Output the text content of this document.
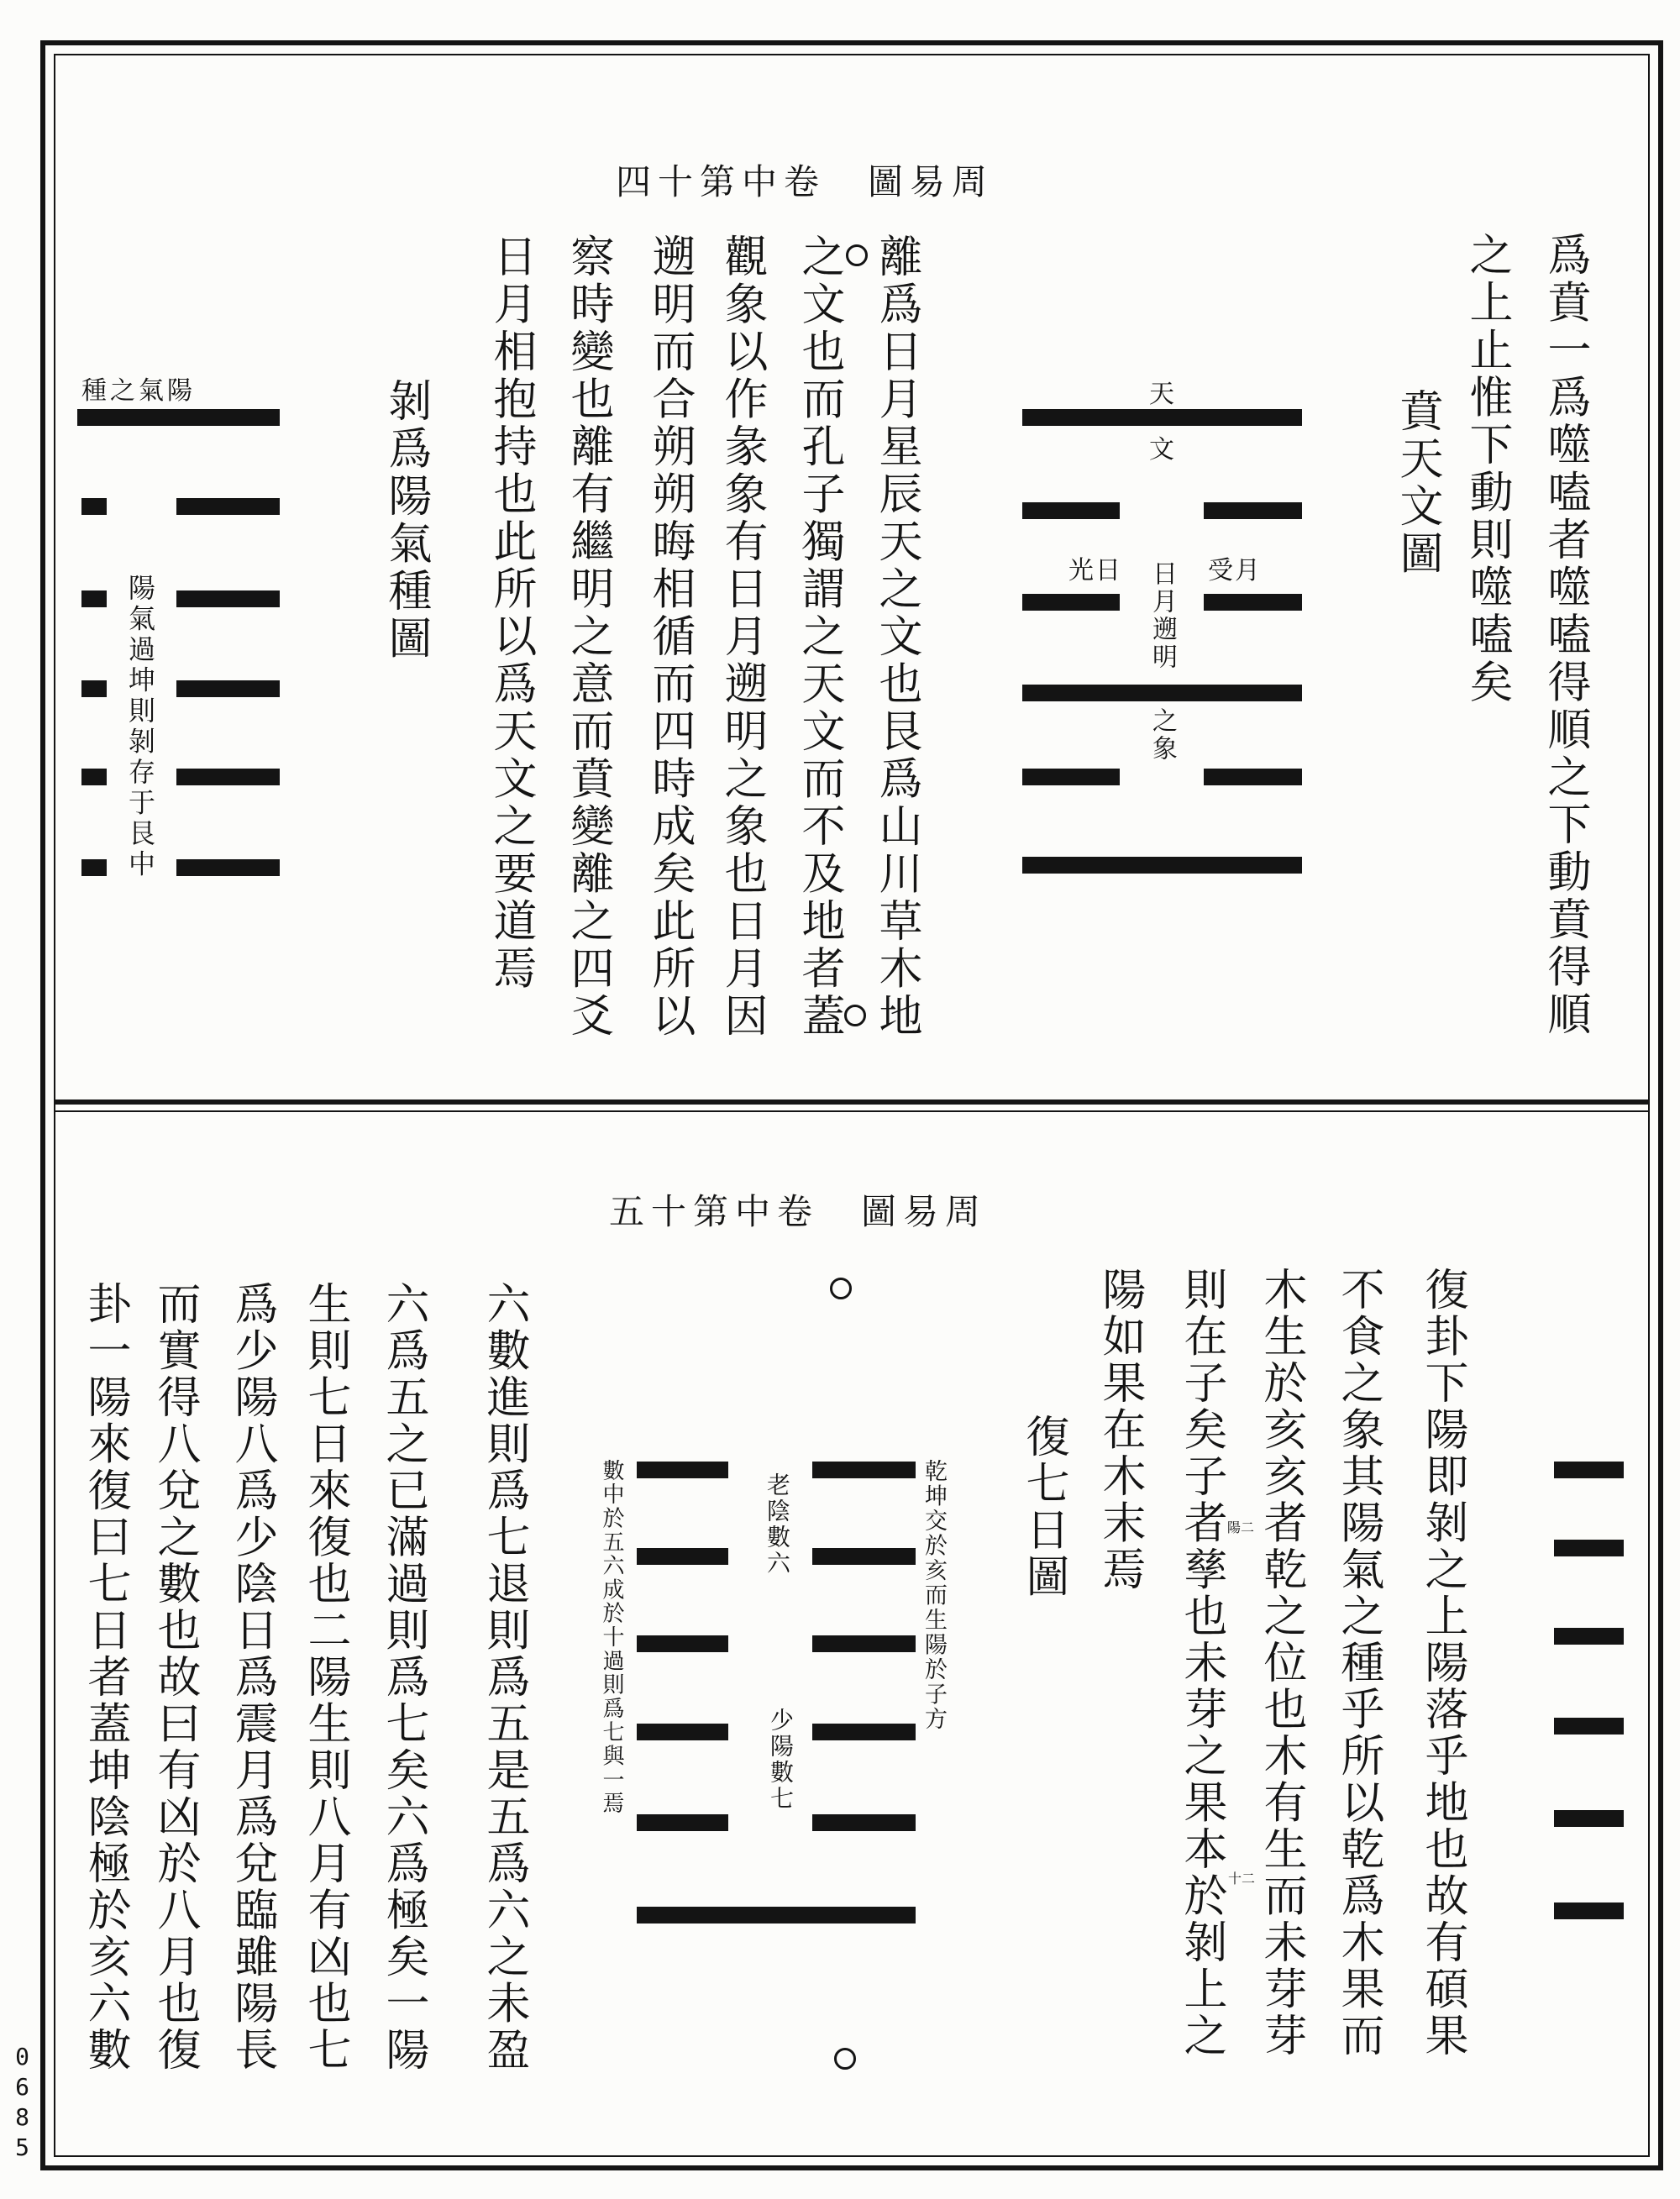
0685
周易圖　卷中第十四
爲賁一爲噬嗑者噬嗑得順之下動賁得順
之上止惟下動則噬嗑矣
賁天文圖
天
文
月受
日光 日月遡明
之象
離爲日月星辰天之文也艮爲山川草木地
之文也而孔子獨謂之天文而不及地者蓋
觀象以作彖象有日月遡明之象也日月因
遡明而合朔朔晦相循而四時成矣此所以
察時變也離有繼明之意而賁變離之四爻
日月相抱持也此所以爲天文之要道焉
剝爲陽氣種圖
陽氣之種
陽氣過坤則剝存于艮中
周易圖　卷中第十五
復卦下陽即剝之上陽落乎地也故有碩果
不食之象其陽氣之種乎所以乾爲木果而
木生於亥亥者乾之位也木有生而未芽芽
陽二
十二
則在子矣子者孳也未芽之果本於剝上之
陽如果在木末焉
復七日圖
乾坤交於亥而生陽於子方
老陰數六
少陽數七
數中於五六成於十過則爲七與一焉
六數進則爲七退則爲五是五爲六之未盈
六爲五之已滿過則爲七矣六爲極矣一陽
生則七日來復也二陽生則八月有凶也七
爲少陽八爲少陰日爲震月爲兌臨雖陽長
而實得八兌之數也故曰有凶於八月也復
卦一陽來復曰七日者蓋坤陰極於亥六數
